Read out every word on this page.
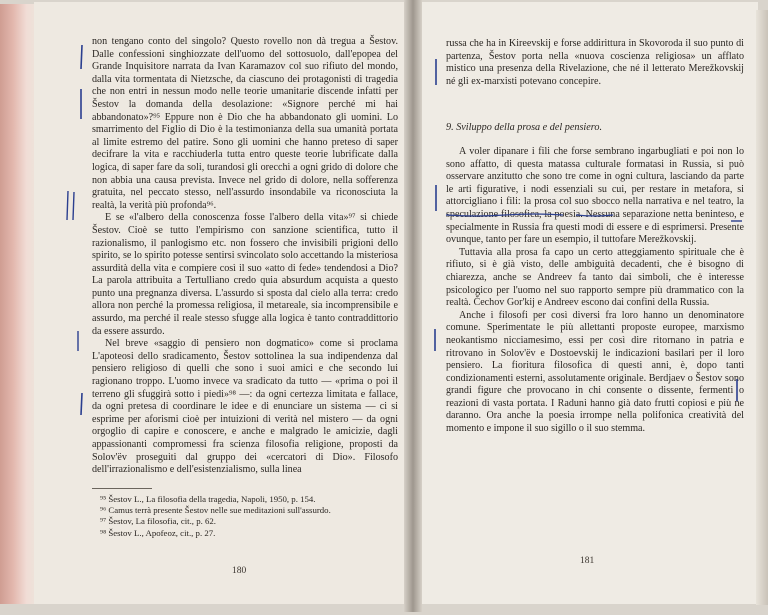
non tengano conto del singolo? Questo rovello non dà tregua a Šestov. Dalle confessioni singhiozzate dell'uomo del sottosuolo, dall'epopea del Grande Inquisitore narrata da Ivan Karamazov col suo rifiuto del mondo, dalla vita tormentata di Nietzsche, da ciascuno dei protagonisti di tragedia che non entri in nessun modo nelle teorie umanitarie discende infatti per Šestov la domanda della desolazione: «Signore perché mi hai abbandonato»?⁹⁵ Eppure non è Dio che ha abbandonato gli uomini. Lo smarrimento del Figlio di Dio è la testimonianza della sua umanità portata al limite estremo del patire. Sono gli uomini che hanno preteso di saper decifrare la vita e racchiuderla tutta entro queste teorie lubrificate dalla logica, di saper fare da soli, turandosi gli orecchi a ogni grido di dolore che non abbia una causa prevista. Invece nel grido di dolore, nella sofferenza gratuita, nel peccato stesso, nell'assurdo insondabile va riconosciuta la realtà, la verità più profonda⁹⁶.

E se «l'albero della conoscenza fosse l'albero della vita»⁹⁷ si chiede Šestov. Cioè se tutto l'empirismo con sanzione scientifica, tutto il razionalismo, il panlogismo etc. non fossero che invisibili prigioni dello spirito, se lo spirito potesse sentirsi svincolato solo accettando la misteriosa assurdità della vita e compiere così il suo «atto di fede» tendendosi a Dio? La parola attribuita a Tertulliano credo quia absurdum acquista a questo punto una pregnanza diversa. L'assurdo si sposta dal cielo alla terra: credo allora non perché la promessa religiosa, il metareale, sia incomprensibile e assurdo, ma perché il reale stesso sfugge alla logica è tanto contraddittorio da essere assurdo.

Nel breve «saggio di pensiero non dogmatico» come si proclama L'apoteosi dello sradicamento, Šestov sottolinea la sua indipendenza dal pensiero religioso di quelli che sono i suoi amici e che secondo lui ragionano troppo. L'uomo invece va sradicato da tutto — «prima o poi il terreno gli sfuggirà sotto i piedi»⁹⁸ —: da ogni certezza limitata e fallace, da ogni pretesa di coordinare le idee e di enunciare un sistema — ci si esprime per aforismi cioè per intuizioni di verità nel mistero — da ogni orgoglio di capire e conoscere, e anche e malgrado le amicizie, dagli appassionanti compromessi fra scienza filosofia religione, proposti da Solov'ëv proseguiti dal gruppo dei «cercatori di Dio». Filosofo dell'irrazionalismo e dell'esistenzialismo, sulla linea

⁹⁵ Šestov L., La filosofia della tragedia, Napoli, 1950, p. 154.
⁹⁶ Camus terrà presente Šestov nelle sue meditazioni sull'assurdo.
⁹⁷ Šestov, La filosofia, cit., p. 62.
⁹⁸ Šestov L., Apofeoz, cit., p. 27.
180

russa che ha in Kireevskij e forse addirittura in Skovoroda il suo punto di partenza, Šestov porta nella «nuova coscienza religiosa» un afflato mistico una presenza della Rivelazione, che né il letterato Merežkovskij né gli ex-marxisti potevano concepire.

9. Sviluppo della prosa e del pensiero.

A voler dipanare i fili che forse sembrano ingarbugliati e poi non lo sono affatto, di questa matassa culturale formatasi in Russia, si può osservare anzitutto che sono tre come in ogni cultura, lasciando da parte le arti figurative, i nodi essenziali su cui, per restare in metafora, si attorcigliano i fili: la prosa col suo sbocco nella narrativa e nel teatro, la speculazione filosofica, la poesia. Nessuna separazione netta beninteso, e specialmente in Russia fra questi modi di essere e di esprimersi. Presente ovunque, tanto per fare un esempio, il tuttofare Merežkovskij.

Tuttavia alla prosa fa capo un certo atteggiamento spirituale che è rifiuto, si è già visto, delle ambiguità decadenti, che è bisogno di chiarezza, anche se Andreev fa tanto dai simboli, che è interesse psicologico per l'uomo nel suo rapporto sempre più drammatico con la realtà. Čechov Gor'kij e Andreev escono dai confini della Russia.

Anche i filosofi per così diversi fra loro hanno un denominatore comune. Sperimentate le più allettanti proposte europee, marxismo neokantismo nicciamesimo, essi per così dire ritornano in patria e ritrovano in Solov'ëv e Dostoevskij le indicazioni basilari per il loro pensiero. La fioritura filosofica di questi anni, è, dopo tanti condizionamenti esterni, assolutamente originale. Berdjaev o Šestov sono grandi figure che provocano in chi consente o dissente, fermenti o reazioni di vasta portata. I Raduni hanno già dato frutti copiosi e più ne daranno. Ora anche la poesia irrompe nella polifonica creatività del momento e impone il suo sigillo o il suo stemma.

181
